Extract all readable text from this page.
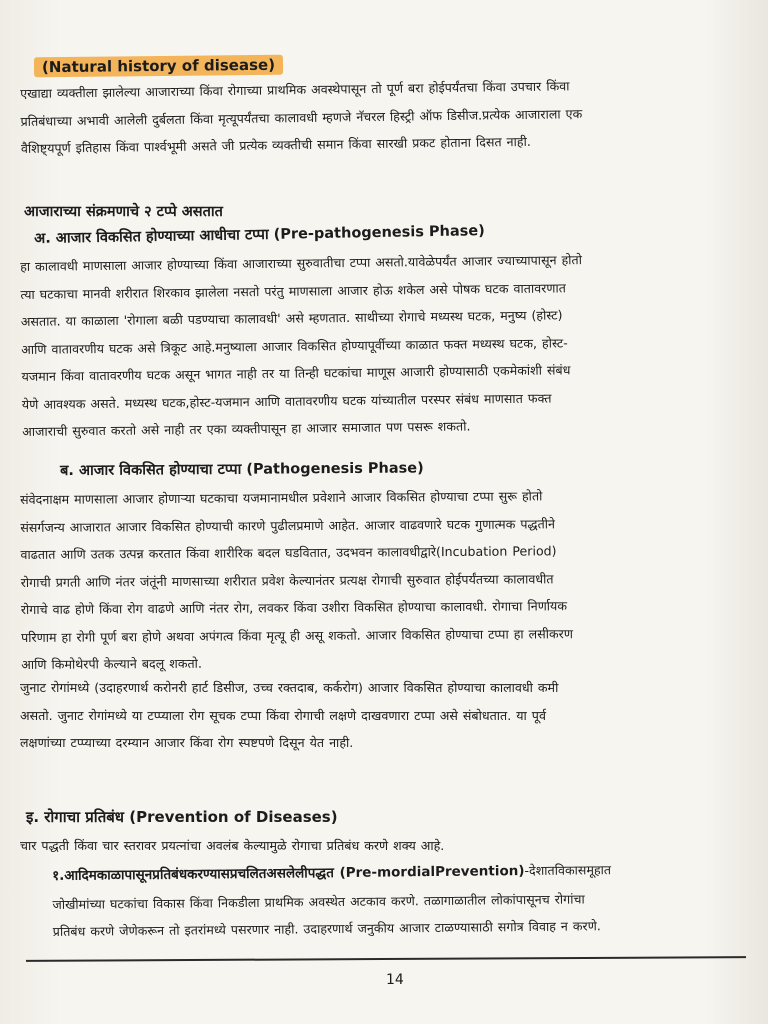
(Natural history of disease)
एखाद्या व्यक्तीला झालेल्या आजाराच्या किंवा रोगाच्या प्राथमिक अवस्थेपासून तो पूर्ण बरा होईपर्यंतचा किंवा उपचार किंवा
प्रतिबंधाच्या अभावी आलेली दुर्बलता किंवा मृत्यूपर्यंतचा कालावधी म्हणजे नॅचरल हिस्ट्री ऑफ डिसीज.प्रत्येक आजाराला एक
वैशिष्ट्यपूर्ण इतिहास किंवा पार्श्वभूमी असते जी प्रत्येक व्यक्तीची समान किंवा सारखी प्रकट होताना दिसत नाही.
आजाराच्या संक्रमणाचे २ टप्पे असतात
अ. आजार विकसित होण्याच्या आधीचा टप्पा (Pre-pathogenesis Phase)
हा कालावधी माणसाला आजार होण्याच्या किंवा आजाराच्या सुरुवातीचा टप्पा असतो.यावेळेपर्यंत आजार ज्याच्यापासून होतो
त्या घटकाचा मानवी शरीरात शिरकाव झालेला नसतो परंतु माणसाला आजार होऊ शकेल असे पोषक घटक वातावरणात
असतात. या काळाला 'रोगाला बळी पडण्याचा कालावधी' असे म्हणतात. साथीच्या रोगाचे मध्यस्थ घटक, मनुष्य (होस्ट)
आणि वातावरणीय घटक असे त्रिकूट आहे.मनुष्याला आजार विकसित होण्यापूर्वीच्या काळात फक्त मध्यस्थ घटक, होस्ट-
यजमान किंवा वातावरणीय घटक असून भागत नाही तर या तिन्ही घटकांचा माणूस आजारी होण्यासाठी एकमेकांशी संबंध
येणे आवश्यक असते. मध्यस्थ घटक,होस्ट-यजमान आणि वातावरणीय घटक यांच्यातील परस्पर संबंध माणसात फक्त
आजाराची सुरुवात करतो असे नाही तर एका व्यक्तीपासून हा आजार समाजात पण पसरू शकतो.
ब. आजार विकसित होण्याचा टप्पा (Pathogenesis Phase)
संवेदनाक्षम माणसाला आजार होणाऱ्या घटकाचा यजमानामधील प्रवेशाने आजार विकसित होण्याचा टप्पा सुरू होतो
संसर्गजन्य आजारात आजार विकसित होण्याची कारणे पुढीलप्रमाणे आहेत. आजार वाढवणारे घटक गुणात्मक पद्धतीने
वाढतात आणि उतक उत्पन्न करतात किंवा शारीरिक बदल घडवितात, उदभवन कालावधीद्वारे(Incubation Period)
रोगाची प्रगती आणि नंतर जंतूंनी माणसाच्या शरीरात प्रवेश केल्यानंतर प्रत्यक्ष रोगाची सुरुवात होईपर्यंतच्या कालावधीत
रोगाचे वाढ होणे किंवा रोग वाढणे आणि नंतर रोग, लवकर किंवा उशीरा विकसित होण्याचा कालावधी. रोगाचा निर्णायक
परिणाम हा रोगी पूर्ण बरा होणे अथवा अपंगत्व किंवा मृत्यू ही असू शकतो. आजार विकसित होण्याचा टप्पा हा लसीकरण
आणि किमोथेरपी केल्याने बदलू शकतो.
जुनाट रोगांमध्ये (उदाहरणार्थ करोनरी हार्ट डिसीज, उच्च रक्तदाब, कर्करोग) आजार विकसित होण्याचा कालावधी कमी
असतो. जुनाट रोगांमध्ये या टप्प्याला रोग सूचक टप्पा किंवा रोगाची लक्षणे दाखवणारा टप्पा असे संबोधतात. या पूर्व
लक्षणांच्या टप्प्याच्या दरम्यान आजार किंवा रोग स्पष्टपणे दिसून येत नाही.
इ. रोगाचा प्रतिबंध (Prevention of Diseases)
चार पद्धती किंवा चार स्तरावर प्रयत्नांचा अवलंब केल्यामुळे रोगाचा प्रतिबंध करणे शक्य आहे.
१.आदिमकाळापासूनप्रतिबंधकरण्यासप्रचलितअसलेलीपद्धत (Pre-mordialPrevention)-देशातविकासमूहात
जोखीमांच्या घटकांचा विकास किंवा निकडीला प्राथमिक अवस्थेत अटकाव करणे. तळागाळातील लोकांपासूनच रोगांचा
प्रतिबंध करणे जेणेकरून तो इतरांमध्ये पसरणार नाही. उदाहरणार्थ जनुकीय आजार टाळण्यासाठी सगोत्र विवाह न करणे.
14
